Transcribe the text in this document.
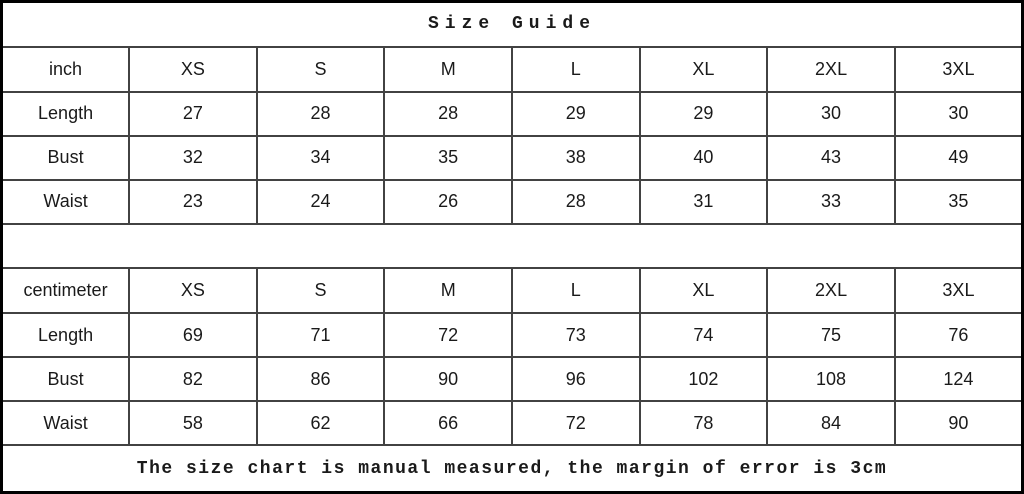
Size Guide							
inch	XS	S	M	L	XL	2XL	3XL
Length	27	28	28	29	29	30	30
Bust	32	34	35	38	40	43	49
Waist	23	24	26	28	31	33	35

centimeter	XS	S	M	L	XL	2XL	3XL
Length	69	71	72	73	74	75	76
Bust	82	86	90	96	102	108	124
Waist	58	62	66	72	78	84	90
The size chart is manual measured, the margin of error is 3cm							
